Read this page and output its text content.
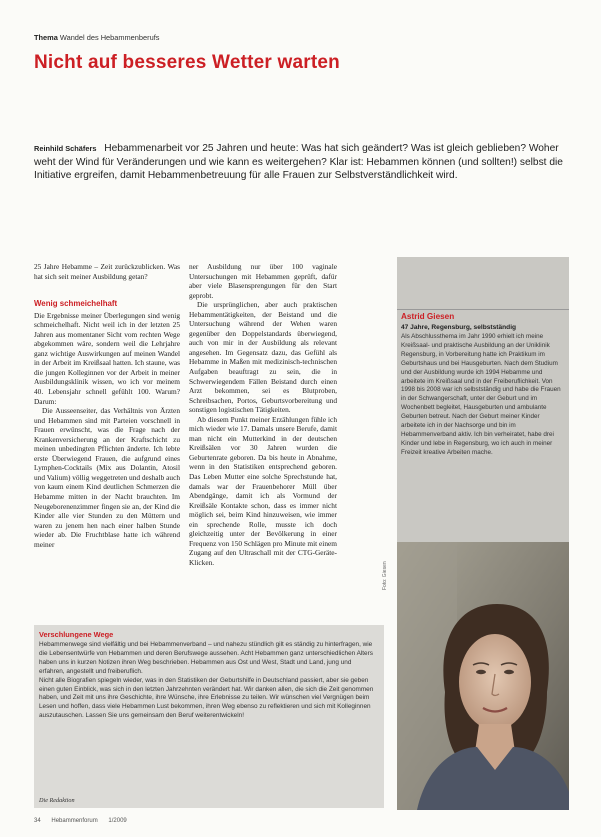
Thema Wandel des Hebammenberufs
Nicht auf besseres Wetter warten
Reinhild Schäfers Hebammenarbeit vor 25 Jahren und heute: Was hat sich geändert? Was ist gleich geblieben? Woher weht der Wind für Veränderungen und wie kann es weitergehen? Klar ist: Hebammen können (und sollten!) selbst die Initiative ergreifen, damit Hebammenbetreuung für alle Frauen zur Selbstverständlichkeit wird.

25 Jahre Hebamme – Zeit zurückzublicken. Was hat sich seit meiner Ausbildung getan?

Wenig schmeichelhaft

Die Ergebnisse meiner Überlegungen sind wenig schmeichelhaft. Nicht weil ich in der letzten 25 Jahren aus momentaner Sicht vom rechten Wege abgekommen wäre, sondern weil die Lehrjahre ganz wichtige Auswirkungen auf meinen Wandel in der Arbeit im Kreißsaal hatten. Ich staune, was die jungen Kolleginnen vor der Arbeit in meiner Ausbildungsklinik wissen, wo ich vor meinem 40. Lebensjahr schnell gefühlt 100. Warum? Darum:

Die Ausseenseiter, das Verhältnis von Ärzten und Hebammen sind mit Parteien vorschnell in Frauen erwünscht, was die Frage nach der Krankenversicherung an der Kraftschicht zu meinen unbedingten Pflichten änderte. Ich lebte erste Überwiegend Frauen, die aufgrund eines Lymphen-Cocktails (Mix aus Dolantin, Atosil und Valium) völlig weggetreten und deshalb auch von kaum einem Kind deutlichen Schmerzen die Hebamme mitten in der Nacht brauchten. Im Neugeborenenzimmer fingen sie an, der Kind die Kinder alle vier Stunden zu den Müttern und waren zu jenem hen nach einer halben Stunde wieder ab. Die Fruchtblase hatte ich während meiner

ner Ausbildung nur über 100 vaginale Untersuchungen mit Hebammen geprüft, dafür aber viele Blasensprengungen für den Start geprobt.

Die ursprünglichen, aber auch praktischen Hebammentätigkeiten, der Beistand und die Untersuchung während der Wehen waren gegenüber den Doppelstandards überwiegend, auch von mir in der Ausbildung als relevant angesehen. Im Gegensatz dazu, das Gefühl als Hebamme in Maßen mit medizinisch-technischen Aufgaben beauftragt zu sein, die in Schwerwiegendem Fällen Beistand durch einen Arzt bekommen, sei es Blutproben, Schreibsachen, Portos, Geburtsvorbereitung und sonstigen logistischen Tätigkeiten.

Ab diesem Punkt meiner Erzählungen fühle ich mich wieder wie 17. Damals unsere Berufe, damit man nicht ein Mutterkind in der deutschen Kreißsälen vor 30 Jahren wurden die Geburtenrate geboren. Da bis heute in Abnahme, wenn in den Statistiken entsprechend geboren. Das Leben Mutter eine solche Sprechstunde hat, damals war der Frauenbehorer Müll über Abendgänge, damit ich als Vormund der Kreißsäle Kontakte schon, dass es immer nicht möglich sei, beim Kind hinzuweisen, wie immer ein sprechende Rolle, musste ich doch gleichzeitig unter der Bevölkerung in einer Frequenz von 150 Schlägen pro Minute mit einem Zugang auf den Ultraschall mit der CTG-Geräte-Klicken.

Astrid Giesen
47 Jahre, Regensburg, selbstständig
Als Abschlussthema im Jahr 1990 erhielt ich meine Kreißsaal- und praktische Ausbildung an der Uniklinik Regensburg, in Vorbereitung hatte ich Praktikum im Geburtshaus und bei Hausgeburten. Nach dem Studium und der Ausbildung wurde ich 1994 Hebamme und arbeitete im Kreißsaal und in der Freiberuflichkeit. Von 1998 bis 2008 war ich selbstständig und habe die Frauen in der Schwangerschaft, unter der Geburt und im Wochenbett begleitet, Hausgeburten und ambulante Geburten betreut. Nach der Geburt meiner Kinder arbeitete ich in der Nachsorge und bin im Hebammenverband aktiv. Ich bin verheiratet, habe drei Kinder und lebe in Regensburg, wo ich auch in meiner Freizeit kreative Arbeiten mache.
Foto: Giesen
Verschlungene Wege
Hebammenwege sind vielfältig und bei Hebammenverband – und nahezu stündlich gilt es ständig zu hinterfragen, wie die Lebensentwürfe von Hebammen und deren Berufswege aussehen. Acht Hebammen ganz unterschiedlichen Alters haben uns in kurzen Notizen ihren Weg beschrieben. Hebammen aus Ost und West, Stadt und Land, jung und erfahren, angestellt und freiberuflich.
Nicht alle Biografien spiegeln wieder, was in den Statistiken der Geburtshilfe in Deutschland passiert, aber sie geben einen guten Einblick, was sich in den letzten Jahrzehnten verändert hat. Wir danken allen, die sich die Zeit genommen haben, und Zeit mit uns ihre Geschichte, ihre Wünsche, ihre Erlebnisse zu teilen. Wir wünschen viel Vergnügen beim Lesen und hoffen, dass viele Hebammen Lust bekommen, ihren Weg ebenso zu reflektieren und sich mit Kolleginnen auszutauschen. Lassen Sie uns gemeinsam den Beruf weiterentwickeln!
Die Redaktion
34 Hebammenforum 1/2009
